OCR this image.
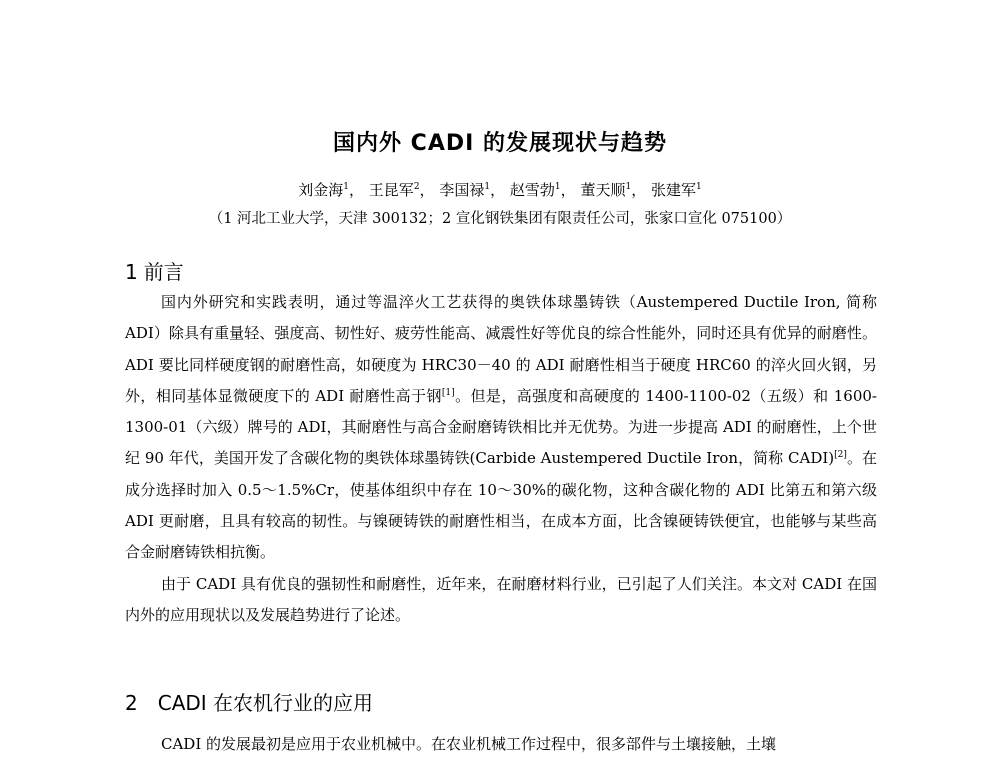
国内外 CADI 的发展现状与趋势
刘金海$^1$， 王昆军$^2$， 李国禄$^1$， 赵雪勃$^1$， 董天顺$^1$， 张建军$^1$
（1 河北工业大学，天津 300132；2 宣化钢铁集团有限责任公司，张家口宣化 075100）
1 前言

国内外研究和实践表明，通过等温淬火工艺获得的奥铁体球墨铸铁（Austempered Ductile Iron, 简称 ADI）除具有重量轻、强度高、韧性好、疲劳性能高、减震性好等优良的综合性能外，同时还具有优异的耐磨性。ADI 要比同样硬度钢的耐磨性高，如硬度为 HRC30－40 的 ADI 耐磨性相当于硬度 HRC60 的淬火回火钢，另外，相同基体显微硬度下的 ADI 耐磨性高于钢[1]。但是，高强度和高硬度的 1400-1100-02（五级）和 1600-1300-01（六级）牌号的 ADI，其耐磨性与高合金耐磨铸铁相比并无优势。为进一步提高 ADI 的耐磨性，上个世纪 90 年代，美国开发了含碳化物的奥铁体球墨铸铁(Carbide Austempered Ductile Iron，简称 CADI)[2]。在成分选择时加入 0.5～1.5%Cr，使基体组织中存在 10～30%的碳化物，这种含碳化物的 ADI 比第五和第六级 ADI 更耐磨，且具有较高的韧性。与镍硬铸铁的耐磨性相当，在成本方面，比含镍硬铸铁便宜，也能够与某些高合金耐磨铸铁相抗衡。

由于 CADI 具有优良的强韧性和耐磨性，近年来，在耐磨材料行业，已引起了人们关注。本文对 CADI 在国内外的应用现状以及发展趋势进行了论述。

2 CADI 在农机行业的应用

CADI 的发展最初是应用于农业机械中。在农业机械工作过程中，很多部件与土壤接触，土壤
